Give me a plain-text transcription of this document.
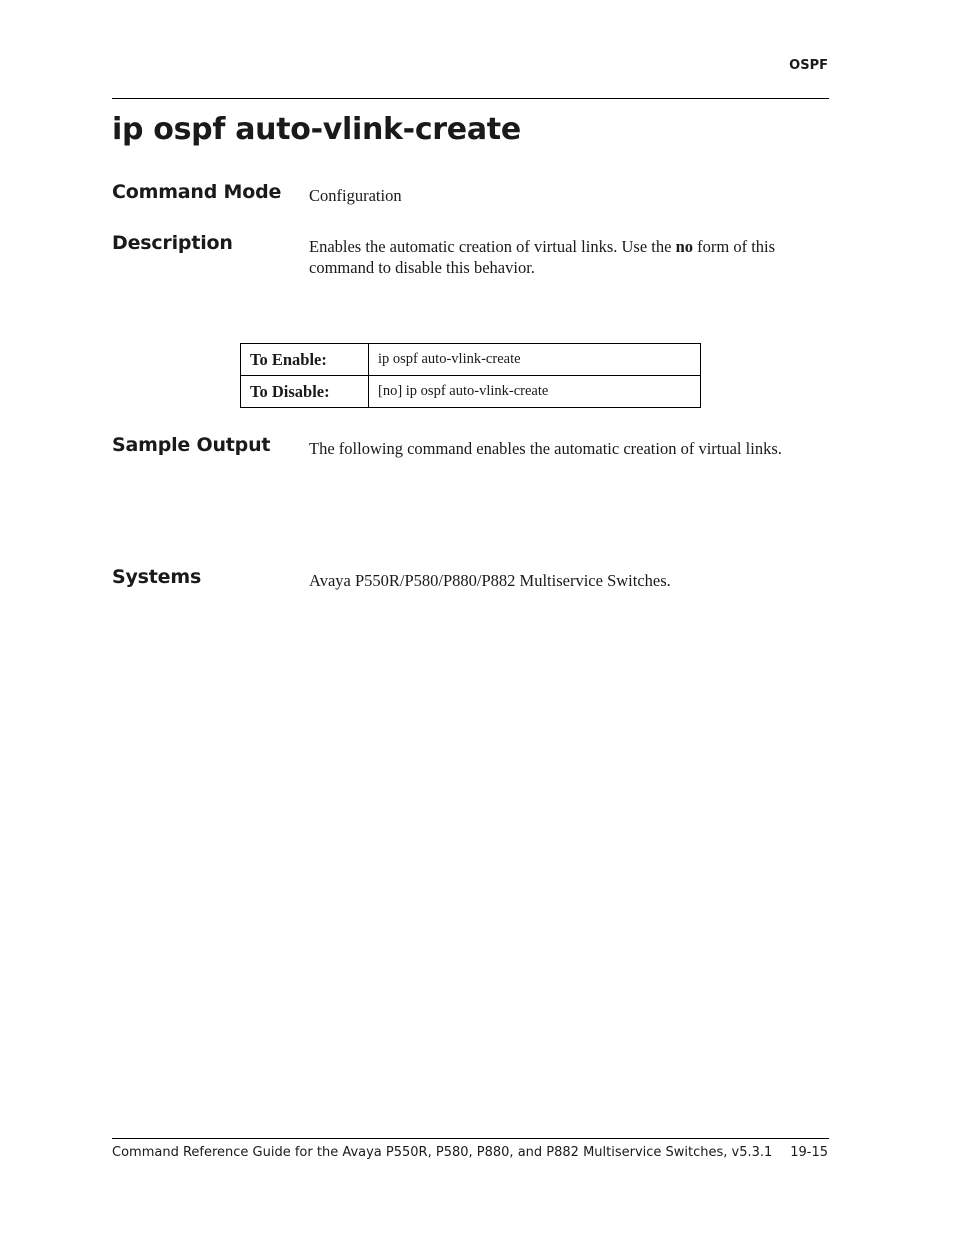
OSPF
ip ospf auto-vlink-create
Command Mode Configuration
Description	Enables the automatic creation of virtual links. Use the no form of this command to disable this behavior.
To Enable:	ip ospf auto-vlink-create
To Disable:	[no] ip ospf auto-vlink-create
Sample Output The following command enables the automatic creation of virtual links.
Systems	Avaya P550R/P580/P880/P882 Multiservice Switches.
Command Reference Guide for the Avaya P550R, P580, P880, and P882 Multiservice Switches, v5.3.1 19-15
